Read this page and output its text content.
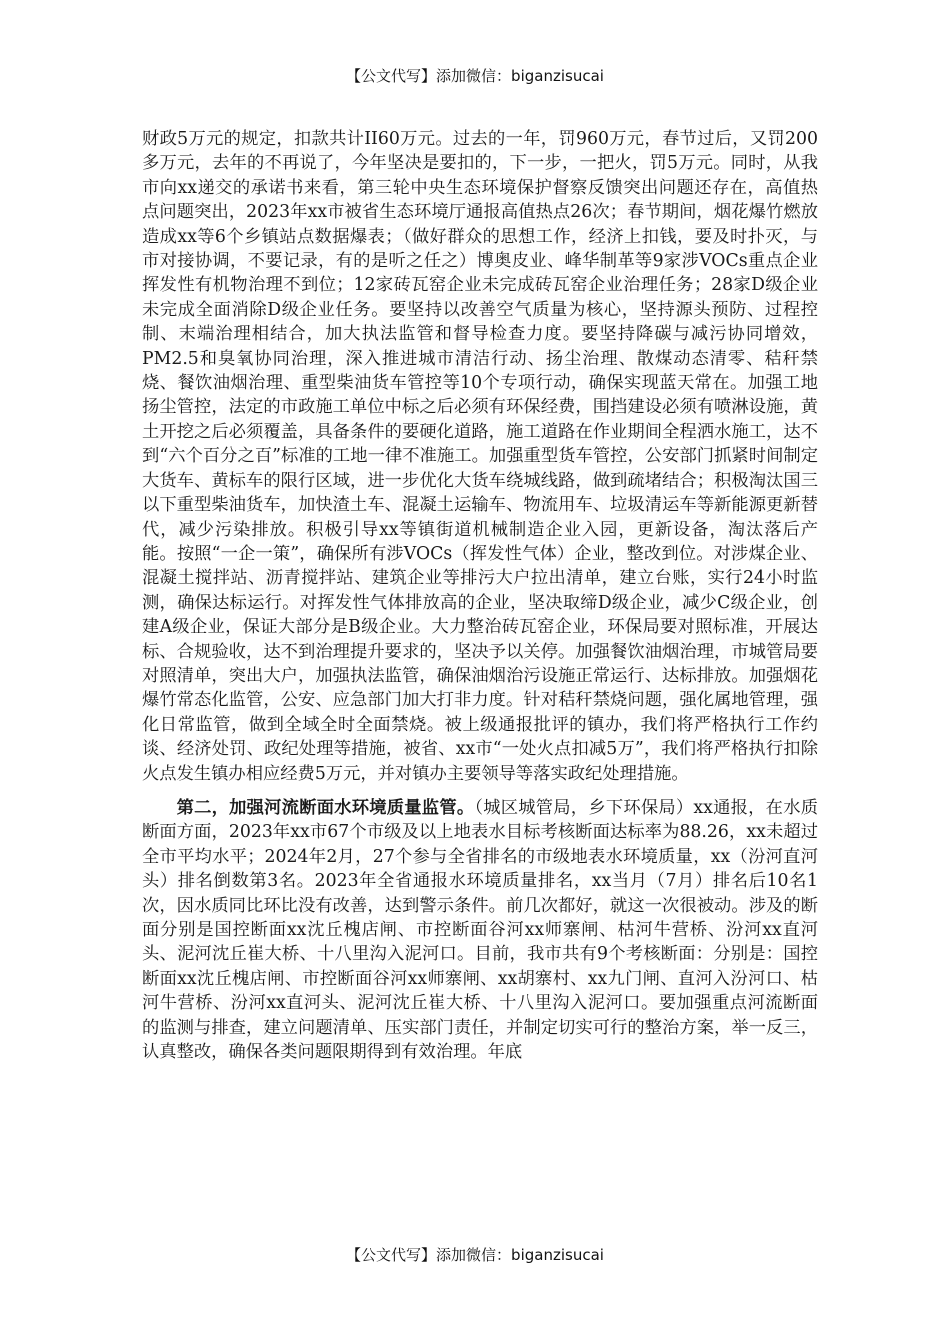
【公文代写】添加微信：biganzisucai

财政5万元的规定，扣款共计II60万元。过去的一年，罚960万元，春节过后，又罚200多万元，去年的不再说了，今年坚决是要扣的，下一步，一把火，罚5万元。同时，从我市向xx递交的承诺书来看，第三轮中央生态环境保护督察反馈突出问题还存在，高值热点问题突出，2023年xx市被省生态环境厅通报高值热点26次；春节期间，烟花爆竹燃放造成xx等6个乡镇站点数据爆表；（做好群众的思想工作，经济上扣钱，要及时扑灭，与市对接协调，不要记录，有的是听之任之）博奥皮业、峰华制革等9家涉VOCs重点企业挥发性有机物治理不到位；12家砖瓦窑企业未完成砖瓦窑企业治理任务；28家D级企业未完成全面消除D级企业任务。要坚持以改善空气质量为核心，坚持源头预防、过程控制、末端治理相结合，加大执法监管和督导检查力度。要坚持降碳与减污协同增效，PM2.5和臭氧协同治理，深入推进城市清洁行动、扬尘治理、散煤动态清零、秸秆禁烧、餐饮油烟治理、重型柴油货车管控等10个专项行动，确保实现蓝天常在。加强工地扬尘管控，法定的市政施工单位中标之后必须有环保经费，围挡建设必须有喷淋设施，黄土开挖之后必须覆盖，具备条件的要硬化道路，施工道路在作业期间全程洒水施工，达不到“六个百分之百”标准的工地一律不准施工。加强重型货车管控，公安部门抓紧时间制定大货车、黄标车的限行区域，进一步优化大货车绕城线路，做到疏堵结合；积极淘汰国三以下重型柴油货车，加快渣土车、混凝土运输车、物流用车、垃圾清运车等新能源更新替代，减少污染排放。积极引导xx等镇街道机械制造企业入园，更新设备，淘汰落后产能。按照“一企一策”，确保所有涉VOCs（挥发性气体）企业，整改到位。对涉煤企业、混凝土搅拌站、沥青搅拌站、建筑企业等排污大户拉出清单，建立台账，实行24小时监测，确保达标运行。对挥发性气体排放高的企业，坚决取缔D级企业，减少C级企业，创建A级企业，保证大部分是B级企业。大力整治砖瓦窑企业，环保局要对照标准，开展达标、合规验收，达不到治理提升要求的，坚决予以关停。加强餐饮油烟治理，市城管局要对照清单，突出大户，加强执法监管，确保油烟治污设施正常运行、达标排放。加强烟花爆竹常态化监管，公安、应急部门加大打非力度。针对秸秆禁烧问题，强化属地管理，强化日常监管，做到全域全时全面禁烧。被上级通报批评的镇办，我们将严格执行工作约谈、经济处罚、政纪处理等措施，被省、xx市“一处火点扣减5万”，我们将严格执行扣除火点发生镇办相应经费5万元，并对镇办主要领导等落实政纪处理措施。

第二，加强河流断面水环境质量监管。（城区城管局，乡下环保局）xx通报，在水质断面方面，2023年xx市67个市级及以上地表水目标考核断面达标率为88.26，xx未超过全市平均水平；2024年2月，27个参与全省排名的市级地表水环境质量，xx（汾河直河头）排名倒数第3名。2023年全省通报水环境质量排名，xx当月（7月）排名后10名1次，因水质同比环比没有改善，达到警示条件。前几次都好，就这一次很被动。涉及的断面分别是国控断面xx沈丘槐店闸、市控断面谷河xx师寨闸、枯河牛营桥、汾河xx直河头、泥河沈丘崔大桥、十八里沟入泥河口。目前，我市共有9个考核断面：分别是：国控断面xx沈丘槐店闸、市控断面谷河xx师寨闸、xx胡寨村、xx九门闸、直河入汾河口、枯河牛营桥、汾河xx直河头、泥河沈丘崔大桥、十八里沟入泥河口。要加强重点河流断面的监测与排查，建立问题清单、压实部门责任，并制定切实可行的整治方案，举一反三，认真整改，确保各类问题限期得到有效治理。年底

【公文代写】添加微信：biganzisucai
